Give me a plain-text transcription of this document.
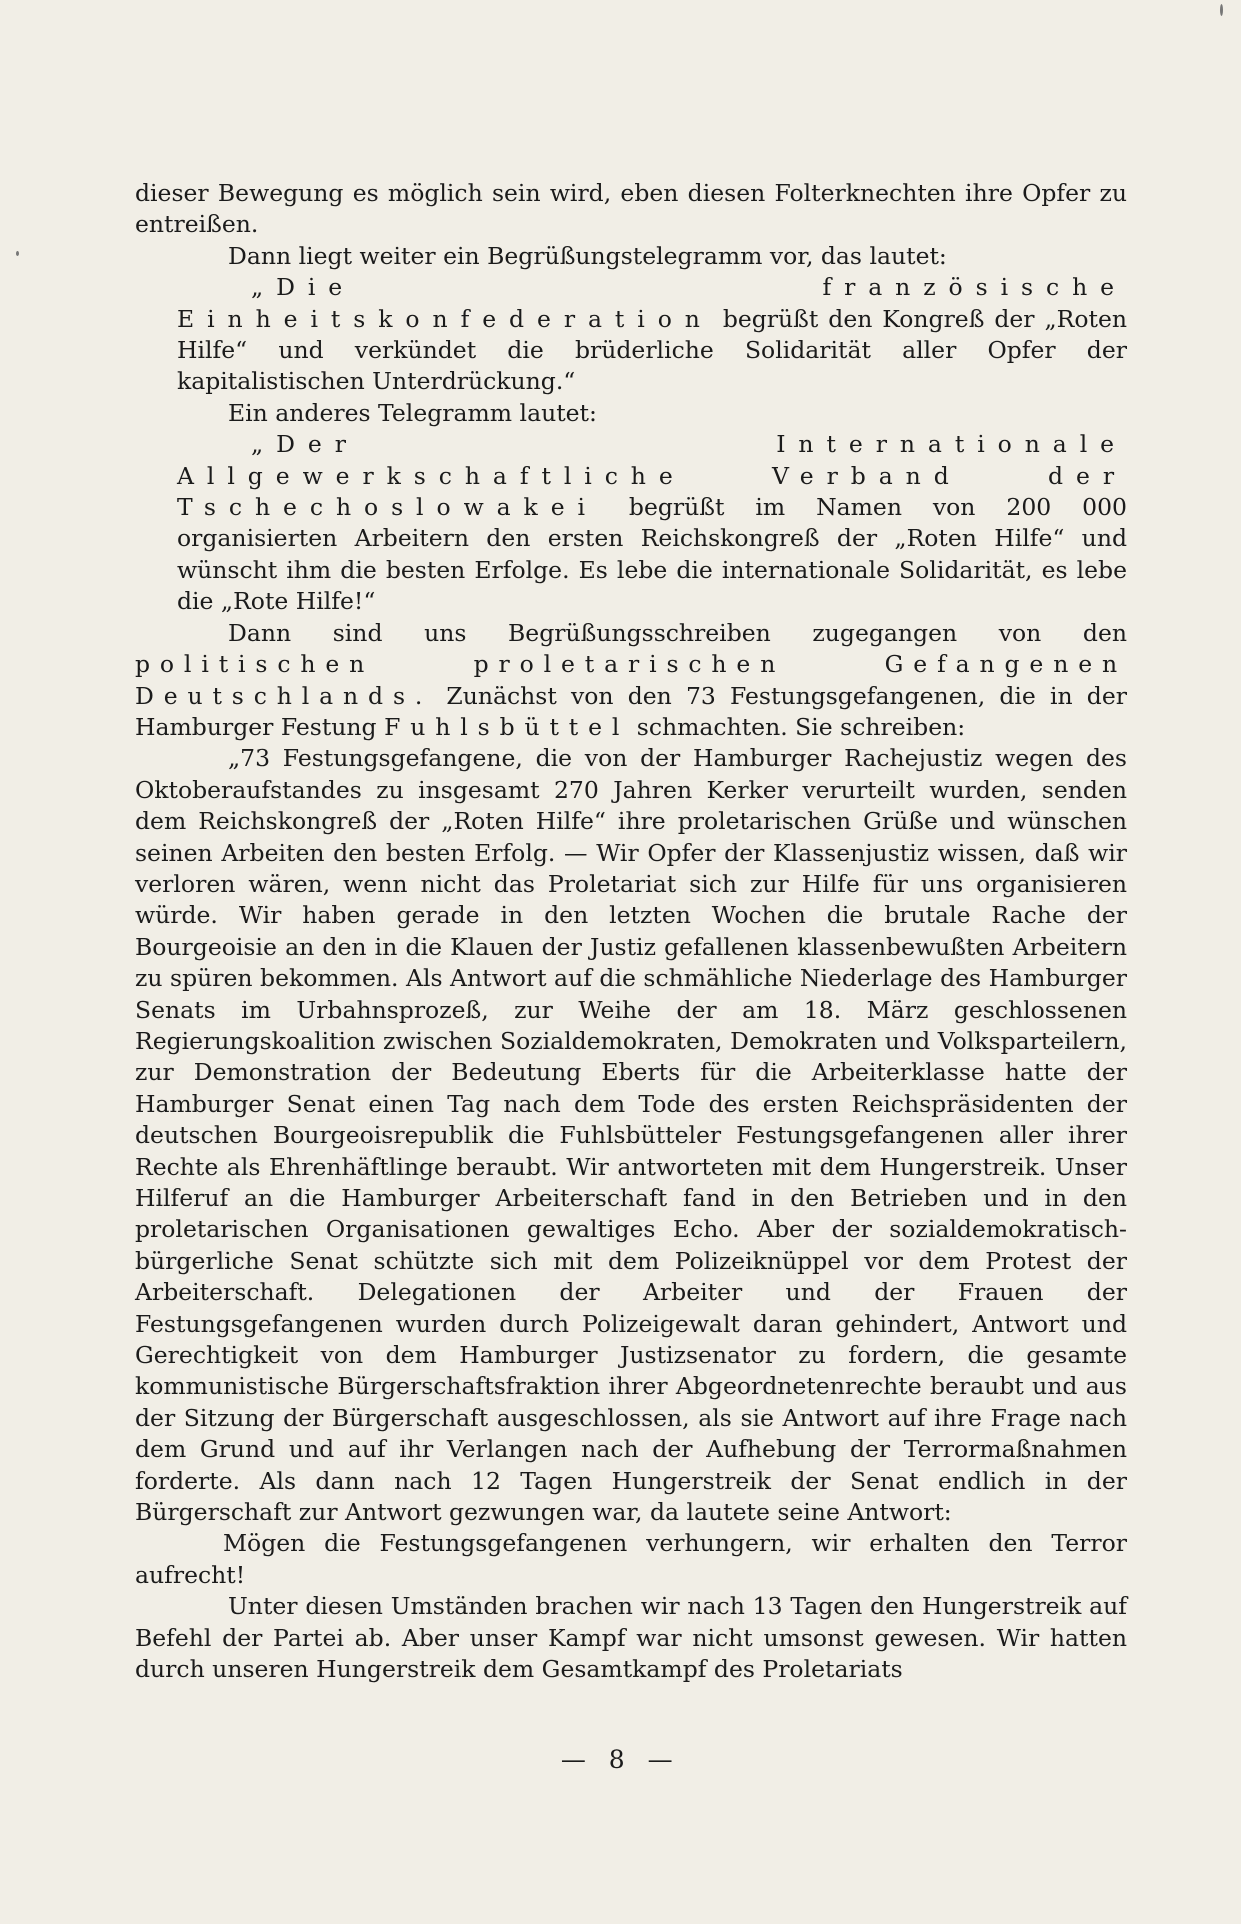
dieser Bewegung es möglich sein wird, eben diesen Folterknechten ihre Opfer zu entreißen.

Dann liegt weiter ein Begrüßungstelegramm vor, das lautet:

„Die französische Einheitskonfederation begrüßt den Kongreß der „Roten Hilfe“ und verkündet die brüderliche Solidarität aller Opfer der kapitalistischen Unterdrückung.“

Ein anderes Telegramm lautet:

„Der Internationale Allgewerkschaftliche Verband der Tschechoslowakei begrüßt im Namen von 200 000 organisierten Arbeitern den ersten Reichskongreß der „Roten Hilfe“ und wünscht ihm die besten Erfolge. Es lebe die internationale Solidarität, es lebe die „Rote Hilfe!“

Dann sind uns Begrüßungsschreiben zugegangen von den politischen proletarischen Gefangenen Deutschlands. Zunächst von den 73 Festungsgefangenen, die in der Hamburger Festung Fuhlsbüttel schmachten. Sie schreiben:

„73 Festungsgefangene, die von der Hamburger Rachejustiz wegen des Oktoberaufstandes zu insgesamt 270 Jahren Kerker verurteilt wurden, senden dem Reichskongreß der „Roten Hilfe“ ihre proletarischen Grüße und wünschen seinen Arbeiten den besten Erfolg. — Wir Opfer der Klassenjustiz wissen, daß wir verloren wären, wenn nicht das Proletariat sich zur Hilfe für uns organisieren würde. Wir haben gerade in den letzten Wochen die brutale Rache der Bourgeoisie an den in die Klauen der Justiz gefallenen klassenbewußten Arbeitern zu spüren bekommen. Als Antwort auf die schmähliche Niederlage des Hamburger Senats im Urbahnsprozeß, zur Weihe der am 18. März geschlossenen Regierungskoalition zwischen Sozialdemokraten, Demokraten und Volksparteilern, zur Demonstration der Bedeutung Eberts für die Arbeiterklasse hatte der Hamburger Senat einen Tag nach dem Tode des ersten Reichspräsidenten der deutschen Bourgeoisrepublik die Fuhlsbütteler Festungsgefangenen aller ihrer Rechte als Ehrenhäftlinge beraubt. Wir antworteten mit dem Hungerstreik. Unser Hilferuf an die Hamburger Arbeiterschaft fand in den Betrieben und in den proletarischen Organisationen gewaltiges Echo. Aber der sozialdemokratisch-bürgerliche Senat schützte sich mit dem Polizeiknüppel vor dem Protest der Arbeiterschaft. Delegationen der Arbeiter und der Frauen der Festungsgefangenen wurden durch Polizeigewalt daran gehindert, Antwort und Gerechtigkeit von dem Hamburger Justizsenator zu fordern, die gesamte kommunistische Bürgerschaftsfraktion ihrer Abgeordnetenrechte beraubt und aus der Sitzung der Bürgerschaft ausgeschlossen, als sie Antwort auf ihre Frage nach dem Grund und auf ihr Verlangen nach der Aufhebung der Terrormaßnahmen forderte. Als dann nach 12 Tagen Hungerstreik der Senat endlich in der Bürgerschaft zur Antwort gezwungen war, da lautete seine Antwort:

Mögen die Festungsgefangenen verhungern, wir erhalten den Terror aufrecht!

Unter diesen Umständen brachen wir nach 13 Tagen den Hungerstreik auf Befehl der Partei ab. Aber unser Kampf war nicht umsonst gewesen. Wir hatten durch unseren Hungerstreik dem Gesamtkampf des Proletariats

— 8 —
